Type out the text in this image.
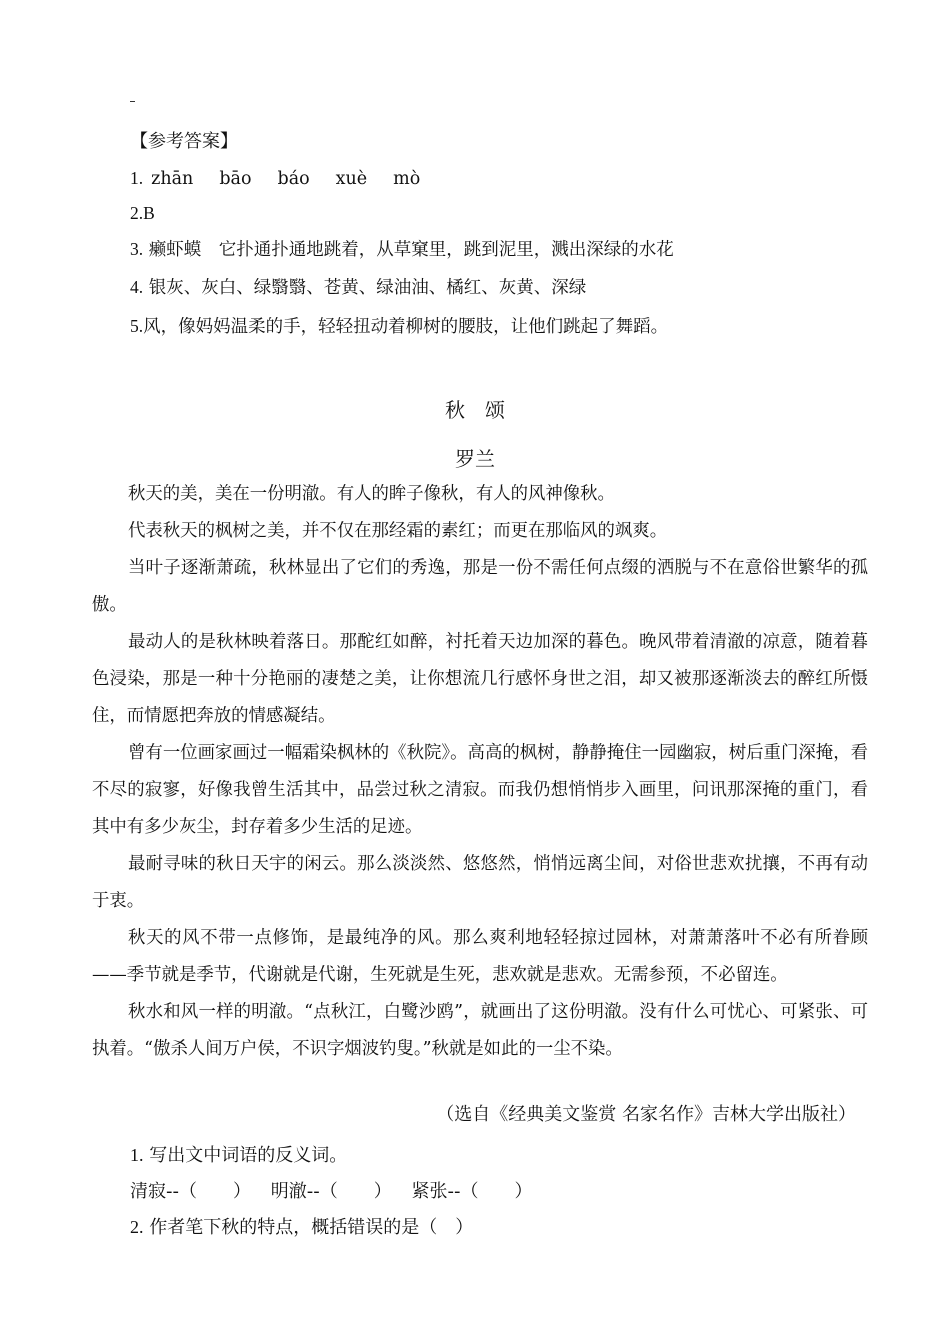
【参考答案】
1. zhān bāo báo xuè mò
2.B
3. 癞虾蟆　它扑通扑通地跳着，从草窠里，跳到泥里，溅出深绿的水花
4. 银灰、灰白、绿翳翳、苍黄、绿油油、橘红、灰黄、深绿
5.风，像妈妈温柔的手，轻轻扭动着柳树的腰肢，让他们跳起了舞蹈。
秋　颂
罗兰

秋天的美，美在一份明澈。有人的眸子像秋，有人的风神像秋。

代表秋天的枫树之美，并不仅在那经霜的素红；而更在那临风的飒爽。

当叶子逐渐萧疏，秋林显出了它们的秀逸，那是一份不需任何点缀的洒脱与不在意俗世繁华的孤傲。

最动人的是秋林映着落日。那酡红如醉，衬托着天边加深的暮色。晚风带着清澈的凉意，随着暮色浸染，那是一种十分艳丽的凄楚之美，让你想流几行感怀身世之泪，却又被那逐渐淡去的醉红所慑住，而情愿把奔放的情感凝结。

曾有一位画家画过一幅霜染枫林的《秋院》。高高的枫树，静静掩住一园幽寂，树后重门深掩，看不尽的寂寥，好像我曾生活其中，品尝过秋之清寂。而我仍想悄悄步入画里，问讯那深掩的重门，看其中有多少灰尘，封存着多少生活的足迹。

最耐寻味的秋日天宇的闲云。那么淡淡然、悠悠然，悄悄远离尘间，对俗世悲欢扰攘，不再有动于衷。

秋天的风不带一点修饰，是最纯净的风。那么爽利地轻轻掠过园林，对萧萧落叶不必有所眷顾——季节就是季节，代谢就是代谢，生死就是生死，悲欢就是悲欢。无需参预，不必留连。

秋水和风一样的明澈。“点秋江，白鹭沙鸥”，就画出了这份明澈。没有什么可忧心、可紧张、可执着。“傲杀人间万户侯，不识字烟波钓叟。”秋就是如此的一尘不染。

（选自《经典美文鉴赏 名家名作》吉林大学出版社）
1. 写出文中词语的反义词。
清寂--（　　） 明澈--（　　） 紧张--（　　）
2. 作者笔下秋的特点，概括错误的是（　）
